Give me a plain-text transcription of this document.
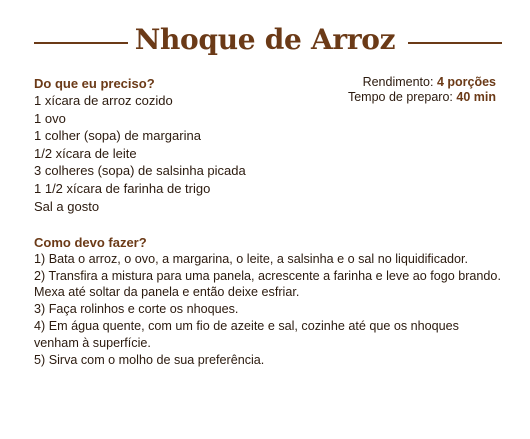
Nhoque de Arroz
Rendimento: 4 porções
Tempo de preparo: 40 min
Do que eu preciso?
1 xícara de arroz cozido
1 ovo
1 colher (sopa) de margarina
1/2 xícara de leite
3 colheres (sopa) de salsinha picada
1 1/2 xícara de farinha de trigo
Sal a gosto
Como devo fazer?
1) Bata o arroz, o ovo, a margarina, o leite, a salsinha e o sal no liquidificador.
2) Transfira a mistura para uma panela, acrescente a farinha e leve ao fogo brando. Mexa até soltar da panela e então deixe esfriar.
3) Faça rolinhos e corte os nhoques.
4) Em água quente, com um fio de azeite e sal, cozinhe até que os nhoques venham à superfície.
5) Sirva com o molho de sua preferência.
